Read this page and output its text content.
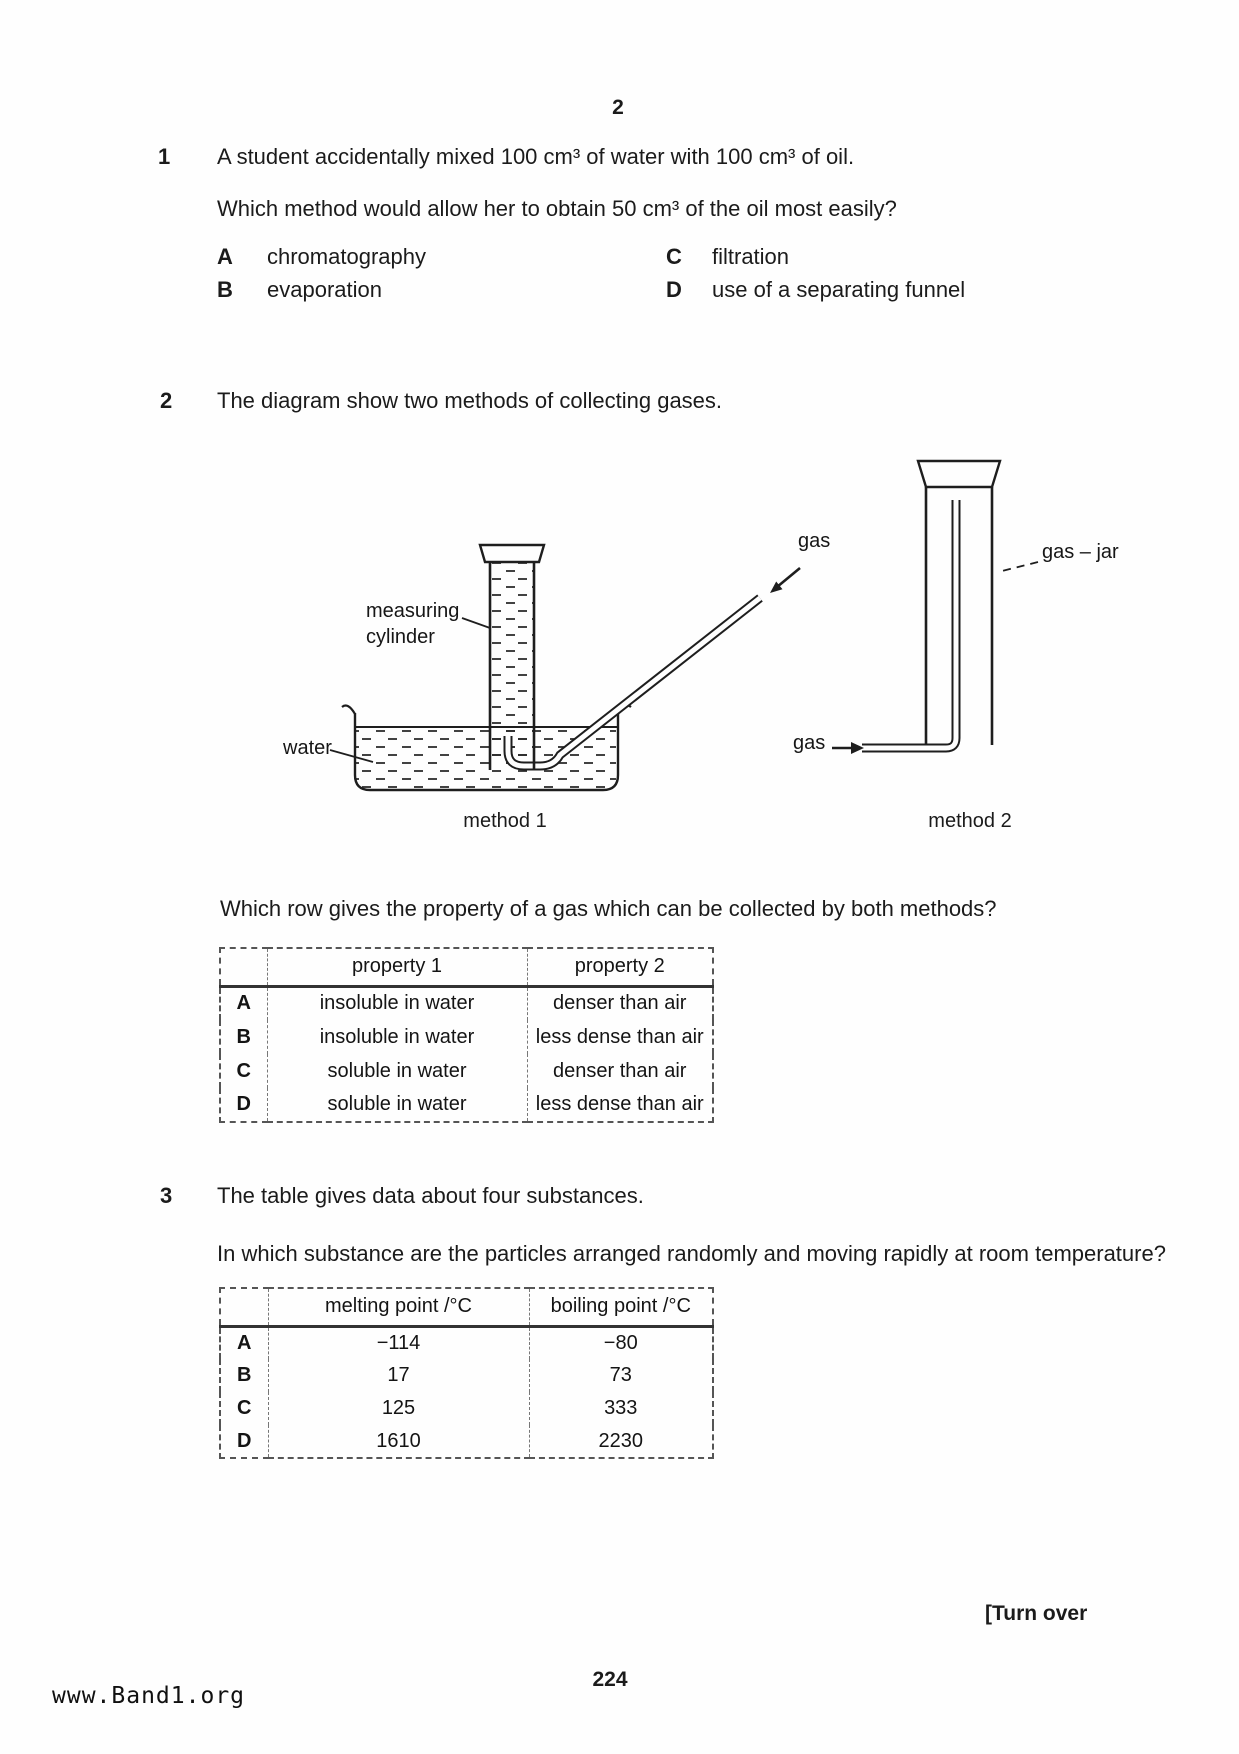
2
1 A student accidentally mixed 100 cm³ of water with 100 cm³ of oil.
Which method would allow her to obtain 50 cm³ of the oil most easily?
A chromatography
B evaporation
C filtration
D use of a separating funnel
2 The diagram show two methods of collecting gases.
measuring
cylinder
water
gas	gas – jar
gas
method 1	method 2
Which row gives the property of a gas which can be collected by both methods?
	property 1	property 2
A	insoluble in water	denser than air
B	insoluble in water	less dense than air
C	soluble in water	denser than air
D	soluble in water	less dense than air
3 The table gives data about four substances.
In which substance are the particles arranged randomly and moving rapidly at room temperature?
	melting point /°C	boiling point /°C
A	−114	−80
B	17	73
C	125	333
D	1610	2230
[Turn over
224
www.Band1.org
